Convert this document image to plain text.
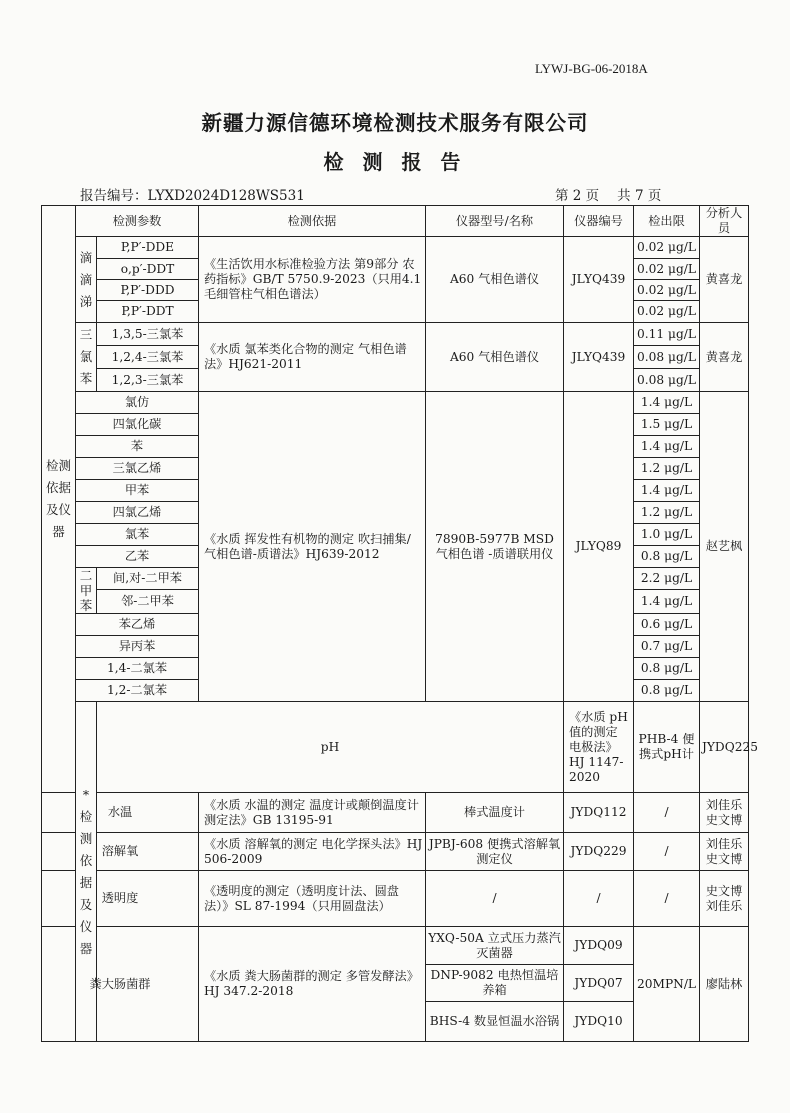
LYWJ-BG-06-2018A
新疆力源信德环境检测技术服务有限公司
检 测 报 告
报告编号：LYXD2024D128WS531	第 2 页 共 7 页
检测依据及仪器	检测参数		检测依据	仪器型号/名称	仪器编号	检出限	分析人员	
	滴滴涕	P,P′-DDE	《生活饮用水标准检验方法 第9部分 农药指标》GB/T 5750.9-2023（只用4.1毛细管柱气相色谱法）	A60 气相色谱仪	JLYQ439	0.02 μg/L	黄喜龙	
		o,p′-DDT				0.02 μg/L		
		P,P′-DDD				0.02 μg/L		
		P,P′-DDT				0.02 μg/L		
	三氯苯	1,3,5-三氯苯	《水质 氯苯类化合物的测定 气相色谱法》HJ621-2011	A60 气相色谱仪	JLYQ439	0.11 μg/L	黄喜龙	
		1,2,4-三氯苯				0.08 μg/L		
		1,2,3-三氯苯				0.08 μg/L		
	氯仿		《水质 挥发性有机物的测定 吹扫捕集/气相色谱-质谱法》HJ639-2012	7890B-5977B MSD
气相色谱 -质谱联用仪	JLYQ89	1.4 μg/L	赵艺枫	
	四氯化碳					1.5 μg/L		
	苯					1.4 μg/L		
	三氯乙烯					1.2 μg/L		
	甲苯					1.4 μg/L		
	四氯乙烯					1.2 μg/L		
	氯苯					1.0 μg/L		
	乙苯					0.8 μg/L		
	二甲苯	间,对-二甲苯				2.2 μg/L		
		邻-二甲苯				1.4 μg/L		
	苯乙烯					0.6 μg/L		
	异丙苯					0.7 μg/L		
	1,4-二氯苯					0.8 μg/L		
	1,2-二氯苯					0.8 μg/L		
	*检测依据及仪器	pH			《水质 pH值的测定 电极法》HJ 1147-2020	PHB-4 便携式pH计	JYDQ225		
水温			《水质 水温的测定 温度计或颠倒温度计测定法》GB 13195-91	棒式温度计	JYDQ112	/	刘佳乐 史文博	
溶解氧			《水质 溶解氧的测定 电化学探头法》HJ 506-2009	JPBJ-608 便携式溶解氧测定仪	JYDQ229	/	刘佳乐 史文博	
透明度			《透明度的测定（透明度计法、圆盘法）》SL 87-1994（只用圆盘法）	/	/	/	史文博 刘佳乐	
粪大肠菌群			《水质 粪大肠菌群的测定 多管发酵法》HJ 347.2-2018	YXQ-50A 立式压力蒸汽灭菌器	JYDQ09	20MPN/L	廖陆林	
				DNP-9082 电热恒温培养箱	JYDQ07			
				BHS-4 数显恒温水浴锅	JYDQ10			
